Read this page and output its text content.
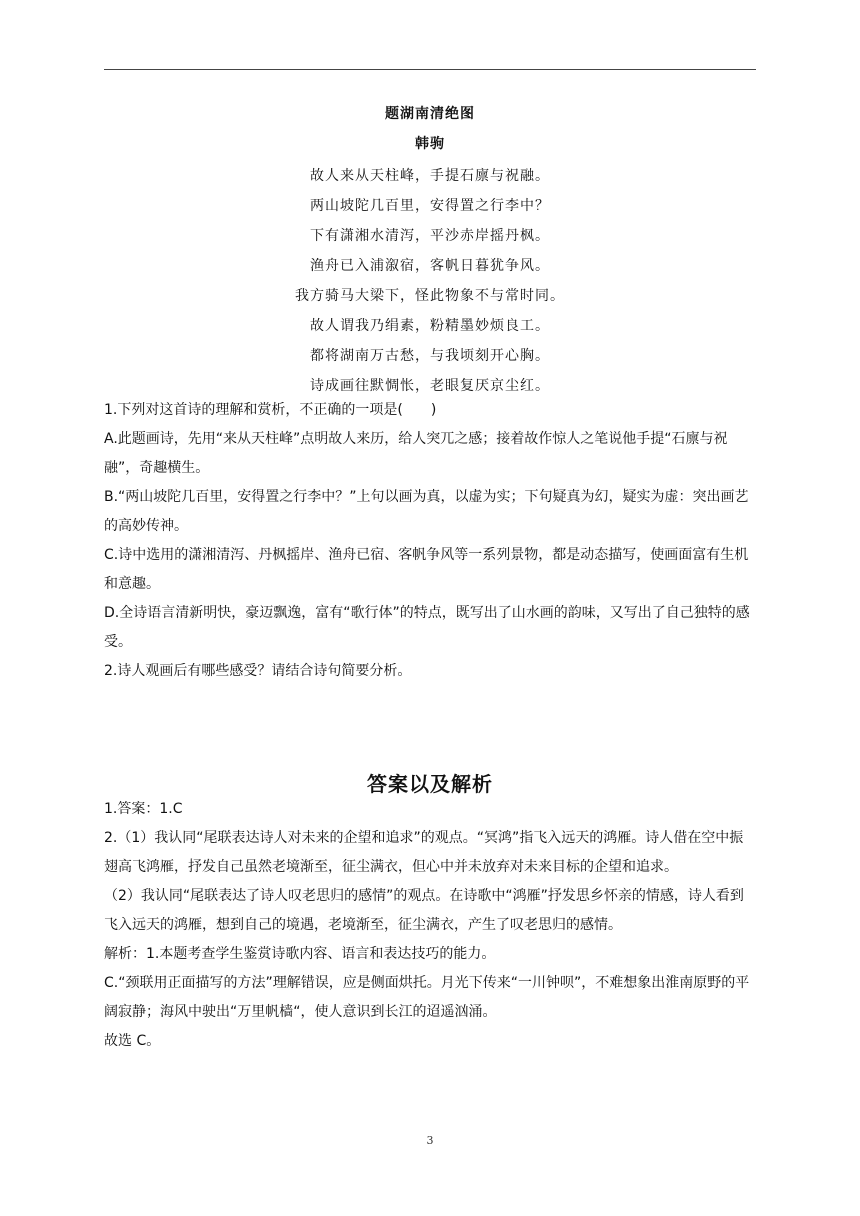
题湖南清绝图
韩驹
故人来从天柱峰，手提石廪与祝融。
两山坡陀几百里，安得置之行李中？
下有潇湘水清泻，平沙赤岸摇丹枫。
渔舟已入浦溆宿，客帆日暮犹争风。
我方骑马大梁下，怪此物象不与常时同。
故人谓我乃绢素，粉精墨妙烦良工。
都将湖南万古愁，与我顷刻开心胸。
诗成画往默惆怅，老眼复厌京尘红。

1.下列对这首诗的理解和赏析，不正确的一项是(　　)

A.此题画诗，先用“来从天柱峰”点明故人来历，给人突兀之感；接着故作惊人之笔说他手提“石廪与祝融”，奇趣横生。

B.“两山坡陀几百里，安得置之行李中？”上句以画为真，以虚为实；下句疑真为幻，疑实为虚：突出画艺的高妙传神。

C.诗中选用的潇湘清泻、丹枫摇岸、渔舟已宿、客帆争风等一系列景物，都是动态描写，使画面富有生机和意趣。

D.全诗语言清新明快，豪迈飘逸，富有“歌行体”的特点，既写出了山水画的韵味，又写出了自己独特的感受。

2.诗人观画后有哪些感受？请结合诗句简要分析。

答案以及解析

1.答案：1.C

2.（1）我认同“尾联表达诗人对未来的企望和追求”的观点。“冥鸿”指飞入远天的鸿雁。诗人借在空中振翅高飞鸿雁，抒发自己虽然老境渐至，征尘满衣，但心中并未放弃对未来目标的企望和追求。

（2）我认同“尾联表达了诗人叹老思归的感情”的观点。在诗歌中“鸿雁”抒发思乡怀亲的情感，诗人看到飞入远天的鸿雁，想到自己的境遇，老境渐至，征尘满衣，产生了叹老思归的感情。

解析：1.本题考查学生鉴赏诗歌内容、语言和表达技巧的能力。

C.“颈联用正面描写的方法”理解错误，应是侧面烘托。月光下传来“一川钟呗”，不难想象出淮南原野的平阔寂静；海风中驶出“万里帆樯“，使人意识到长江的迢遥汹涌。

故选 C。

3
